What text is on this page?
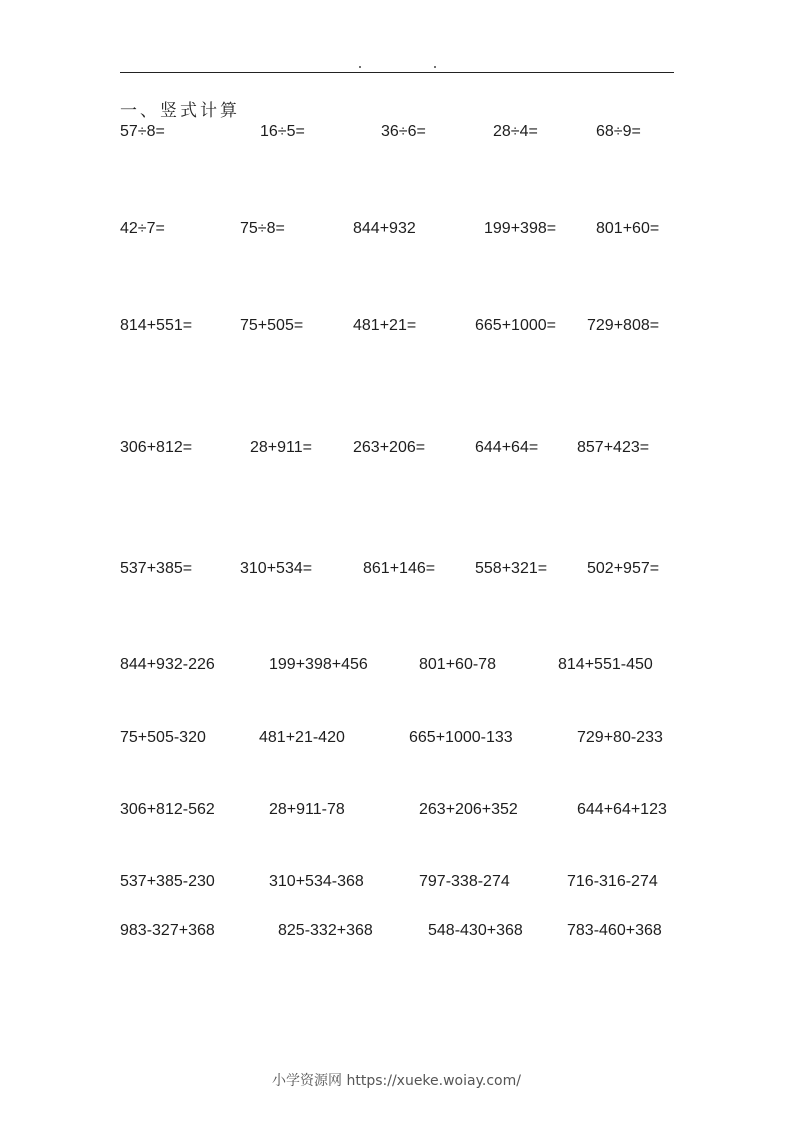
一、竖式计算
57÷8=	16÷5=	36÷6=	28÷4=	68÷9=
42÷7=	75÷8=	844+932	199+398= 801+60=
814+551=	75+505=	481+21=	665+1000= 729+808=
306+812=	28+911=	263+206=	644+64= 857+423=
537+385=	310+534=	861+146= 558+321= 502+957=
844+932-226	199+398+456	801+60-78	814+551-450
75+505-320	481+21-420	665+1000-133	729+80-233
306+812-562	28+911-78	263+206+352	644+64+123
537+385-230	310+534-368	797-338-274	716-316-274
983-327+368	825-332+368	548-430+368	783-460+368
小学资源网 https://xueke.woiay.com/
